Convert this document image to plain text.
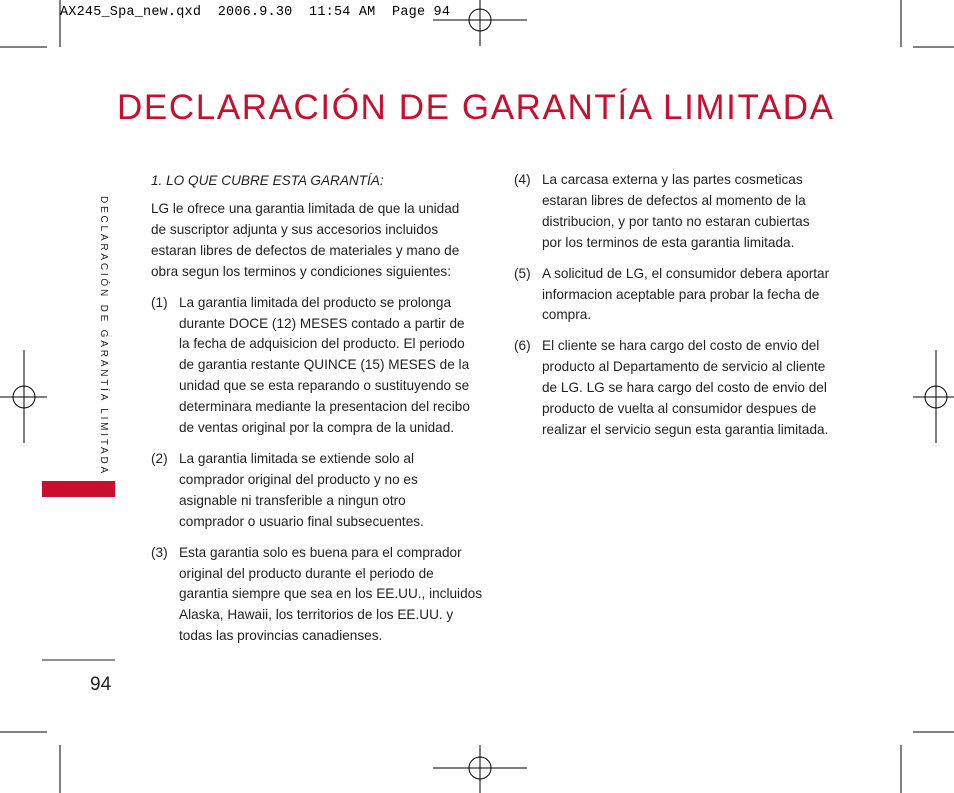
AX245_Spa_new.qxd  2006.9.30  11:54 AM  Page 94
DECLARACIÓN DE GARANTÍA LIMITADA
DECLARACIÓN DE GARANTÍA LIMITADA
94
1. LO QUE CUBRE ESTA GARANTÍA:

LG le ofrece una garantia limitada de que la unidad
de suscriptor adjunta y sus accesorios incluidos
estaran libres de defectos de materiales y mano de
obra segun los terminos y condiciones siguientes:

(1) La garantia limitada del producto se prolonga
durante DOCE (12) MESES contado a partir de
la fecha de adquisicion del producto. El periodo
de garantia restante QUINCE (15) MESES de la
unidad que se esta reparando o sustituyendo se
determinara mediante la presentacion del recibo
de ventas original por la compra de la unidad.
(2) La garantia limitada se extiende solo al
comprador original del producto y no es
asignable ni transferible a ningun otro
comprador o usuario final subsecuentes.
(3) Esta garantia solo es buena para el comprador
original del producto durante el periodo de
garantia siempre que sea en los EE.UU., incluidos
Alaska, Hawaii, los territorios de los EE.UU. y
todas las provincias canadienses.
(4) La carcasa externa y las partes cosmeticas
estaran libres de defectos al momento de la
distribucion, y por tanto no estaran cubiertas
por los terminos de esta garantia limitada.
(5) A solicitud de LG, el consumidor debera aportar
informacion aceptable para probar la fecha de
compra.
(6) El cliente se hara cargo del costo de envio del
producto al Departamento de servicio al cliente
de LG. LG se hara cargo del costo de envio del
producto de vuelta al consumidor despues de
realizar el servicio segun esta garantia limitada.
